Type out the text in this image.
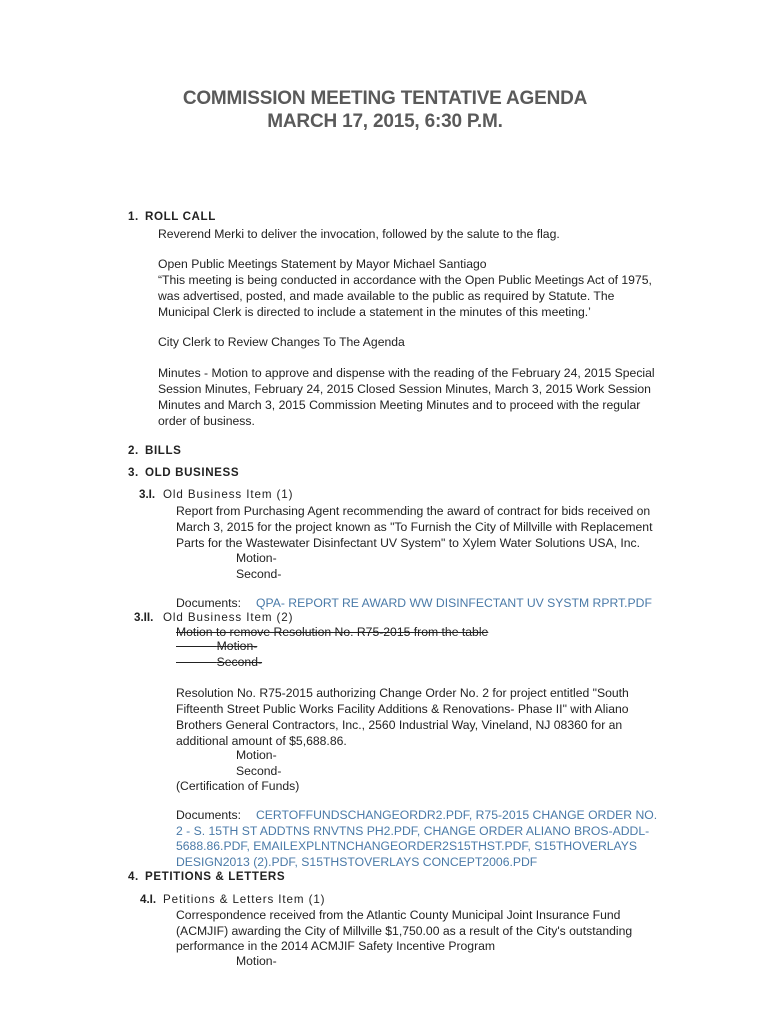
COMMISSION MEETING TENTATIVE AGENDA
MARCH 17, 2015, 6:30 P.M.
1. ROLL CALL
Reverend Merki to deliver the invocation, followed by the salute to the flag.
Open Public Meetings Statement by Mayor Michael Santiago
“This meeting is being conducted in accordance with the Open Public Meetings Act of 1975,
was advertised, posted, and made available to the public as required by Statute. The
Municipal Clerk is directed to include a statement in the minutes of this meeting.’
City Clerk to Review Changes To The Agenda
Minutes - Motion to approve and dispense with the reading of the February 24, 2015 Special
Session Minutes, February 24, 2015 Closed Session Minutes, March 3, 2015 Work Session
Minutes and March 3, 2015 Commission Meeting Minutes and to proceed with the regular
order of business.
2. BILLS
3. OLD BUSINESS
3.I. Old Business Item (1)
Report from Purchasing Agent recommending the award of contract for bids received on
March 3, 2015 for the project known as "To Furnish the City of Millville with Replacement
Parts for the Wastewater Disinfectant UV System" to Xylem Water Solutions USA, Inc.
Motion-
Second-
Documents: QPA- REPORT RE AWARD WW DISINFECTANT UV SYSTM RPRT.PDF
3.II. Old Business Item (2)
Motion to remove Resolution No. R75-2015 from the table
Motion-
Second-
Resolution No. R75-2015 authorizing Change Order No. 2 for project entitled "South
Fifteenth Street Public Works Facility Additions & Renovations- Phase II" with Aliano
Brothers General Contractors, Inc., 2560 Industrial Way, Vineland, NJ 08360 for an
additional amount of $5,688.86.
Motion-
Second-
(Certification of Funds)
Documents: CERTOFFUNDSCHANGEORDR2.PDF, R75-2015 CHANGE ORDER NO.
2 - S. 15TH ST ADDTNS RNVTNS PH2.PDF, CHANGE ORDER ALIANO BROS-ADDL-
5688.86.PDF, EMAILEXPLNTNCHANGEORDER2S15THST.PDF, S15THOVERLAYS
DESIGN2013 (2).PDF, S15THSTOVERLAYS CONCEPT2006.PDF
4. PETITIONS & LETTERS
4.I. Petitions & Letters Item (1)
Correspondence received from the Atlantic County Municipal Joint Insurance Fund
(ACMJIF) awarding the City of Millville $1,750.00 as a result of the City's outstanding
performance in the 2014 ACMJIF Safety Incentive Program
Motion-
